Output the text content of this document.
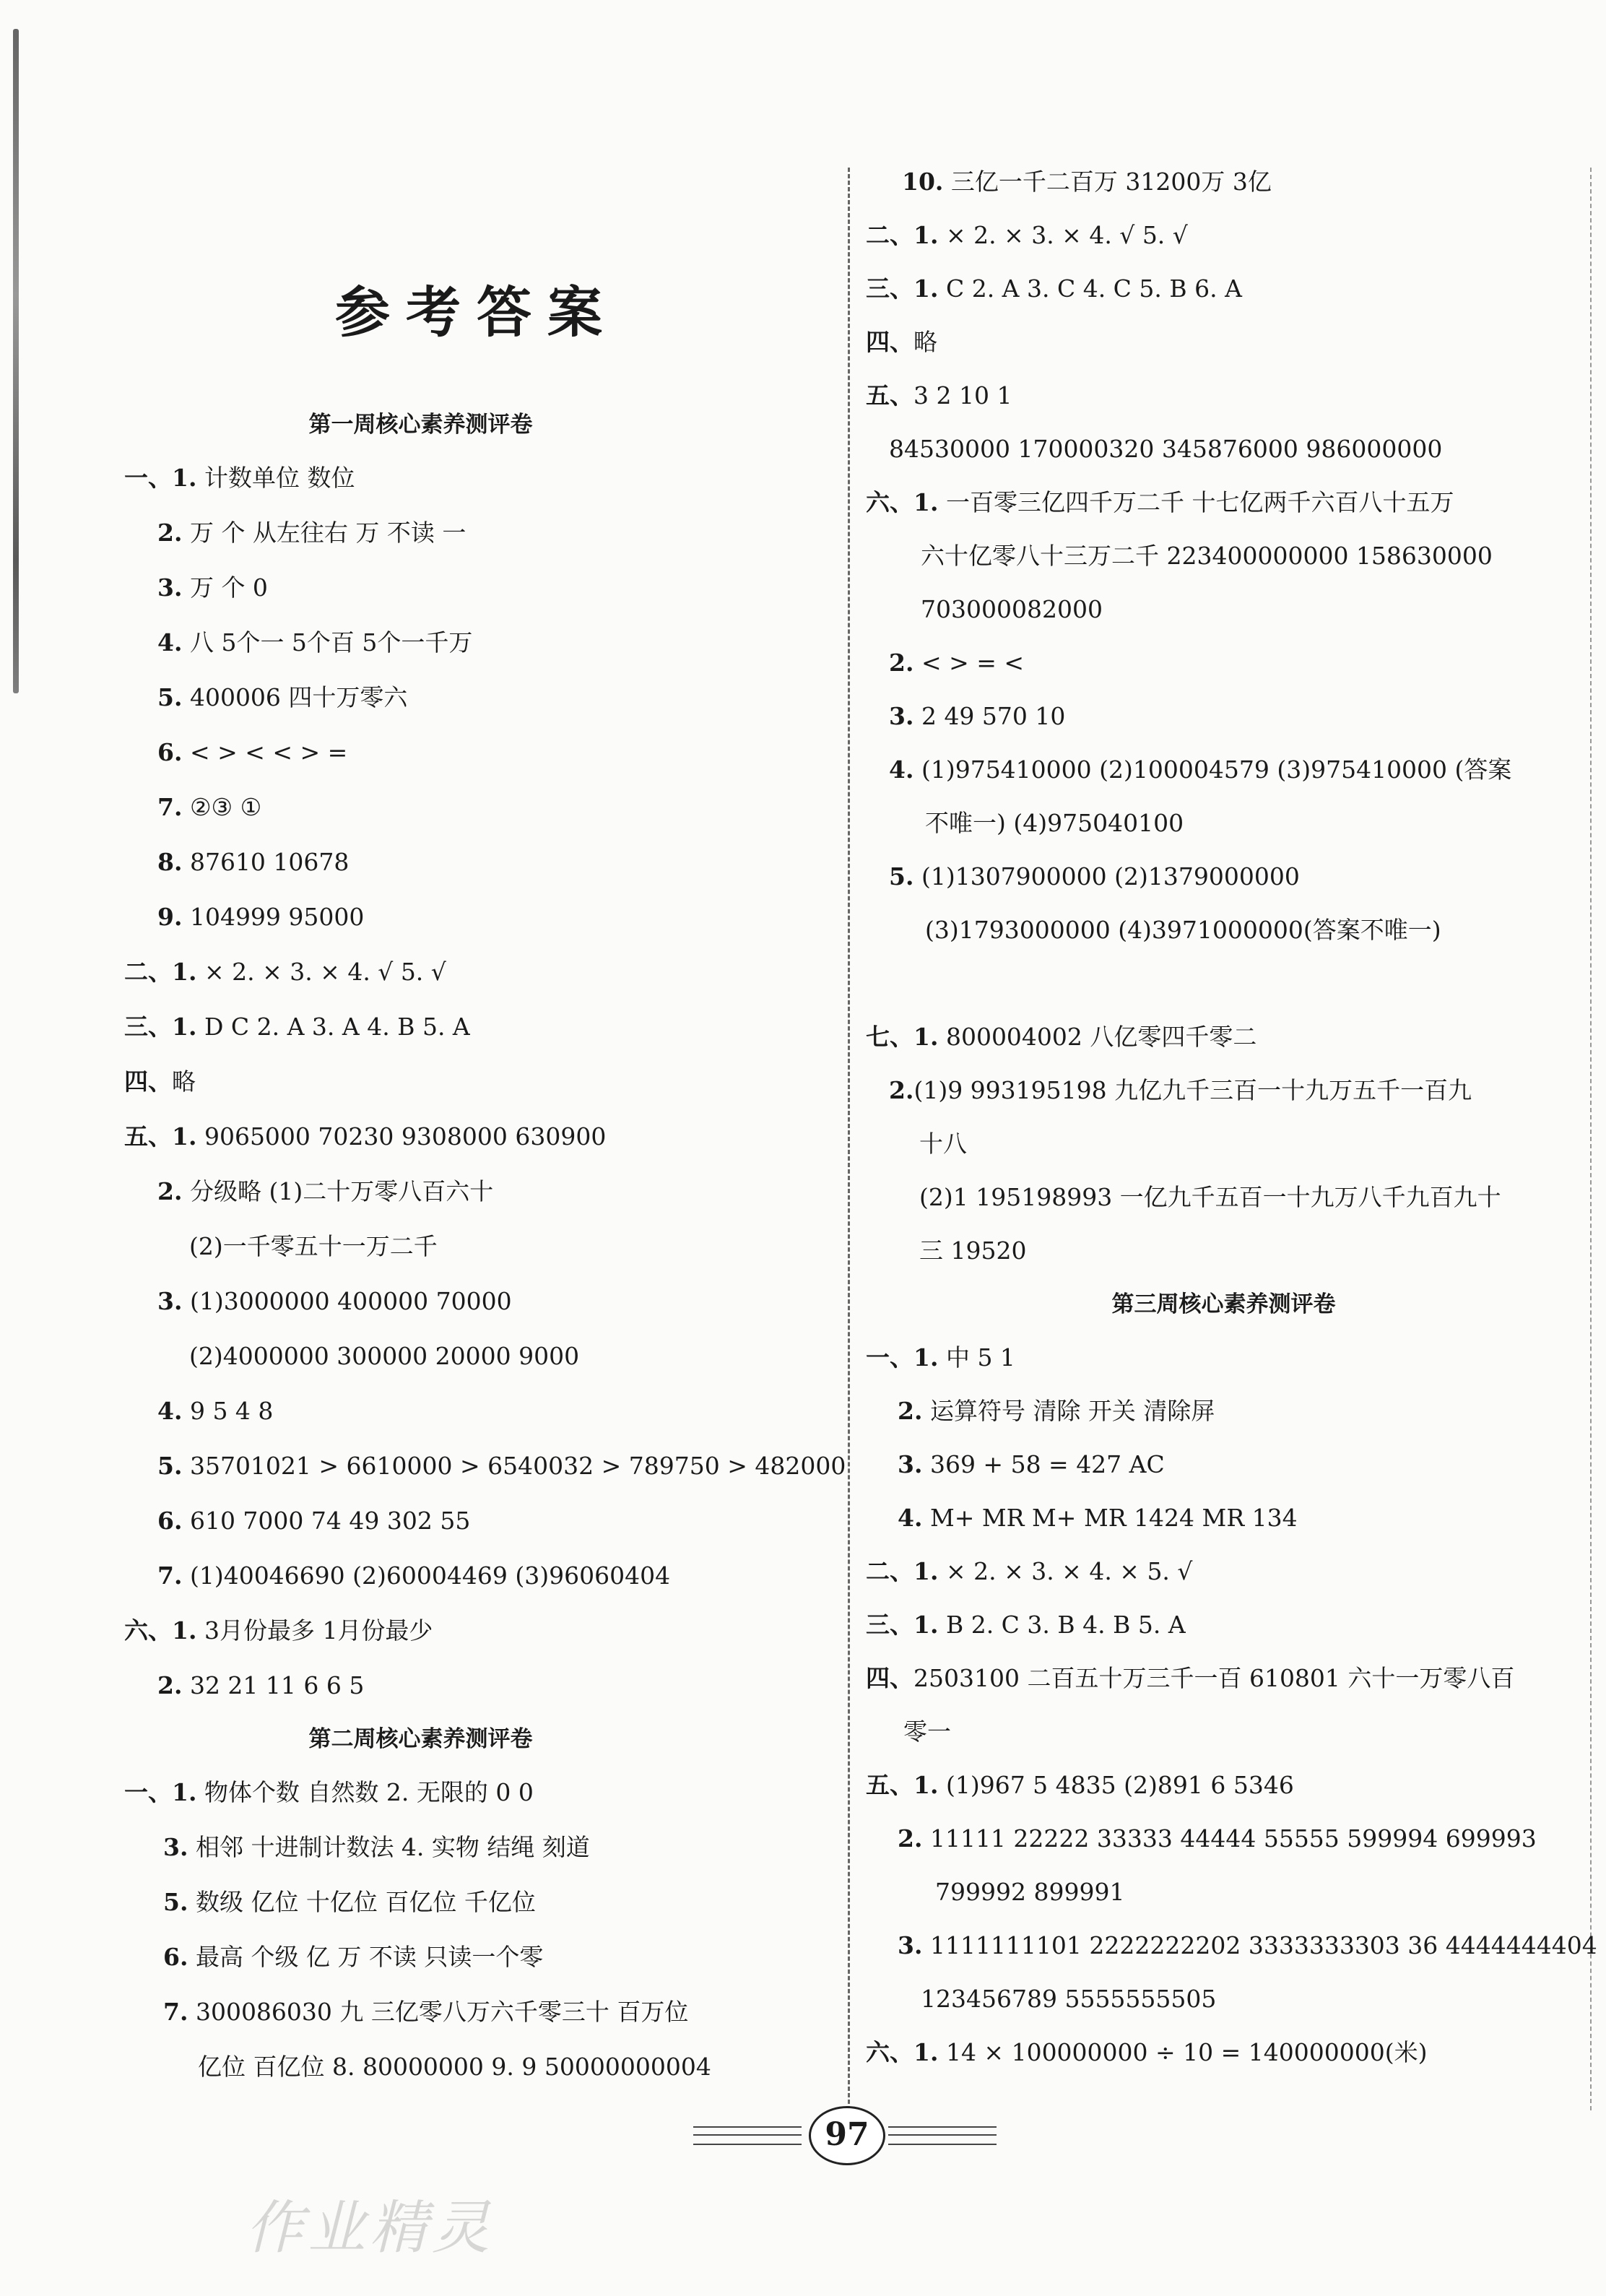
参考答案
第一周核心素养测评卷
一、1. 计数单位 数位
2. 万 个 从左往右 万 不读 一
3. 万 个 0
4. 八 5个一 5个百 5个一千万
5. 400006 四十万零六
6. < > < < > =
7. ②③ ①
8. 87610 10678
9. 104999 95000
二、1. × 2. × 3. × 4. √ 5. √
三、1. D C 2. A 3. A 4. B 5. A
四、略
五、1. 9065000 70230 9308000 630900
2. 分级略 (1)二十万零八百六十
(2)一千零五十一万二千
3. (1)3000000 400000 70000
(2)4000000 300000 20000 9000
4. 9 5 4 8
5. 35701021 > 6610000 > 6540032 > 789750 > 482000
6. 610 7000 74 49 302 55
7. (1)40046690 (2)60004469 (3)96060404
六、1. 3月份最多 1月份最少
2. 32 21 11 6 6 5
第二周核心素养测评卷
一、1. 物体个数 自然数 2. 无限的 0 0
3. 相邻 十进制计数法 4. 实物 结绳 刻道
5. 数级 亿位 十亿位 百亿位 千亿位
6. 最高 个级 亿 万 不读 只读一个零
7. 300086030 九 三亿零八万六千零三十 百万位
亿位 百亿位 8. 80000000 9. 9 50000000004
10. 三亿一千二百万 31200万 3亿
二、1. × 2. × 3. × 4. √ 5. √
三、1. C 2. A 3. C 4. C 5. B 6. A
四、略
五、3 2 10 1
84530000 170000320 345876000 986000000
六、1. 一百零三亿四千万二千 十七亿两千六百八十五万
六十亿零八十三万二千 223400000000 158630000
703000082000
2. < > = <
3. 2 49 570 10
4. (1)975410000 (2)100004579 (3)975410000 (答案
不唯一) (4)975040100
5. (1)1307900000 (2)1379000000
(3)1793000000 (4)3971000000(答案不唯一)
七、1. 800004002 八亿零四千零二
2.(1)9 993195198 九亿九千三百一十九万五千一百九
十八
(2)1 195198993 一亿九千五百一十九万八千九百九十
三 19520
第三周核心素养测评卷
一、1. 中 5 1
2. 运算符号 清除 开关 清除屏
3. 369 + 58 = 427 AC
4. M+ MR M+ MR 1424 MR 134
二、1. × 2. × 3. × 4. × 5. √
三、1. B 2. C 3. B 4. B 5. A
四、2503100 二百五十万三千一百 610801 六十一万零八百
零一
五、1. (1)967 5 4835 (2)891 6 5346
2. 11111 22222 33333 44444 55555 599994 699993
799992 899991
3. 1111111101 2222222202 3333333303 36 4444444404
123456789 5555555505
六、1. 14 × 100000000 ÷ 10 = 140000000(米)
97
作业精灵
